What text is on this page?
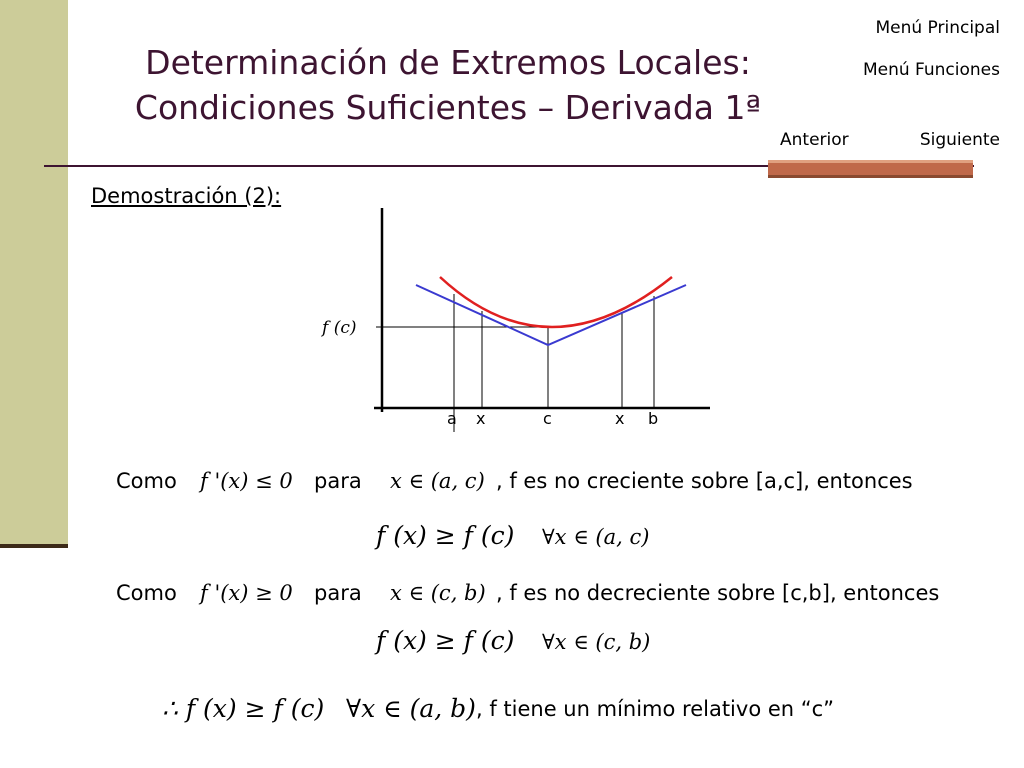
Determinación de Extremos Locales:
Condiciones Suficientes – Derivada 1ª
Menú Principal
Menú Funciones
Anterior	Siguiente
Demostración (2):
f (c)
a x	c	x b
Como f '(x) ≤ 0 para x ∈ (a, c) , f es no creciente sobre [a,c], entonces
f (x) ≥ f (c) ∀x ∈ (a, c)
Como f '(x) ≥ 0 para x ∈ (c, b) , f es no decreciente sobre [c,b], entonces
f (x) ≥ f (c) ∀x ∈ (c, b)
∴ f (x) ≥ f (c) ∀x ∈ (a, b) , f tiene un mínimo relativo en “c”
